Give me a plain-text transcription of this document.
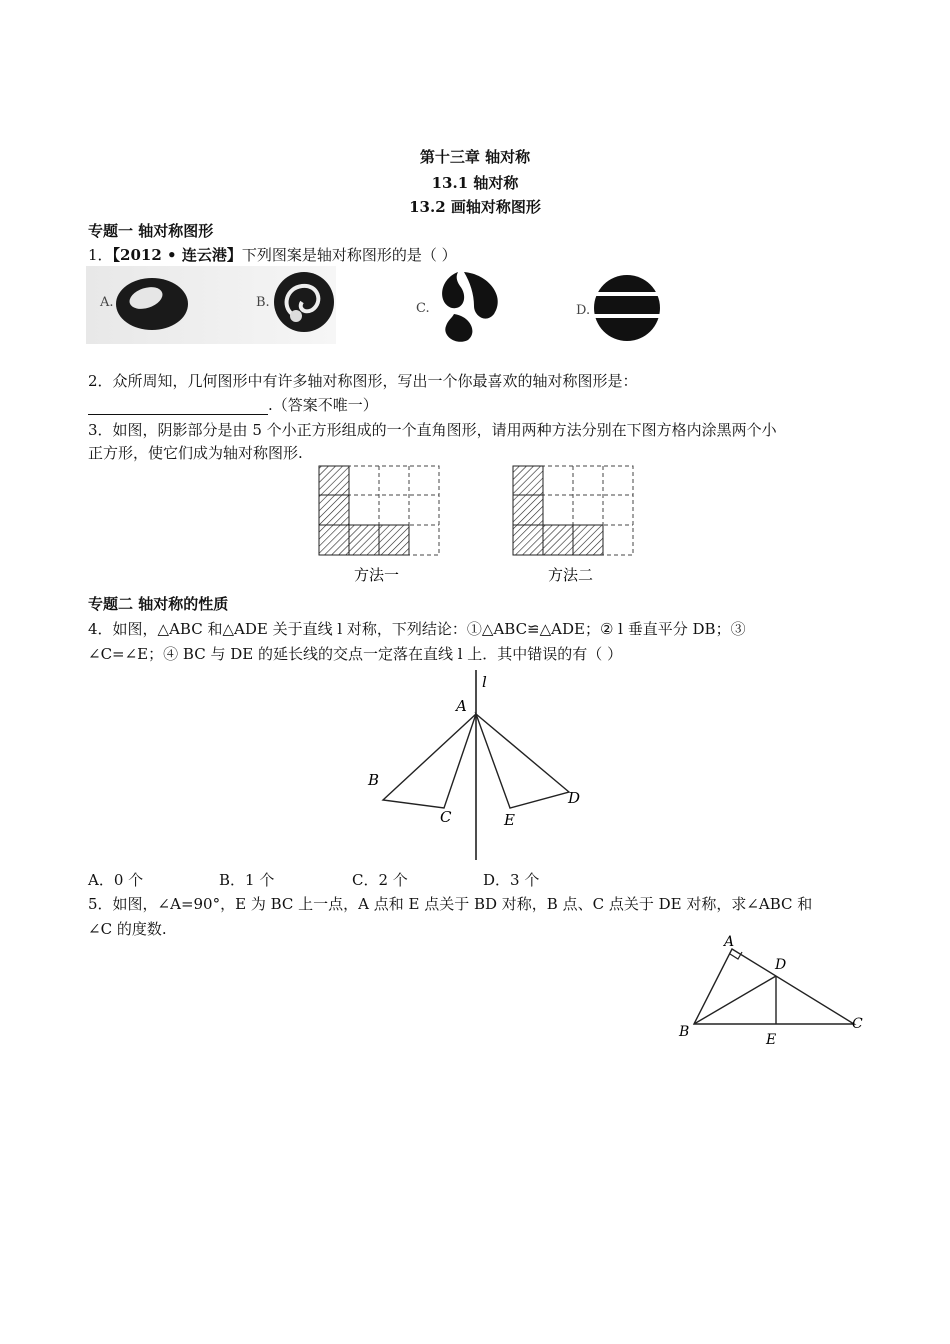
第十三章 轴对称
13.1 轴对称
13.2 画轴对称图形
专题一 轴对称图形
1．【2012 • 连云港】下列图案是轴对称图形的是（ ）
A.	B.	C.	D.
2．众所周知，几何图形中有许多轴对称图形，写出一个你最喜欢的轴对称图形是：
.（答案不唯一）
3．如图，阴影部分是由 5 个小正方形组成的一个直角图形，请用两种方法分别在下图方格内涂黑两个小
正方形，使它们成为轴对称图形.
方法一	方法二
专题二 轴对称的性质
4．如图，△ABC 和△ADE 关于直线 l 对称，下列结论：①△ABC≌△ADE；② l 垂直平分 DB；③
∠C=∠E；④ BC 与 DE 的延长线的交点一定落在直线 l 上．其中错误的有（ ）
l
A
B
C
D
E
A．0 个	B．1 个	C．2 个	D．3 个
5．如图，∠A=90°，E 为 BC 上一点，A 点和 E 点关于 BD 对称，B 点、C 点关于 DE 对称，求∠ABC 和
∠C 的度数.
A
B	C
D
E
